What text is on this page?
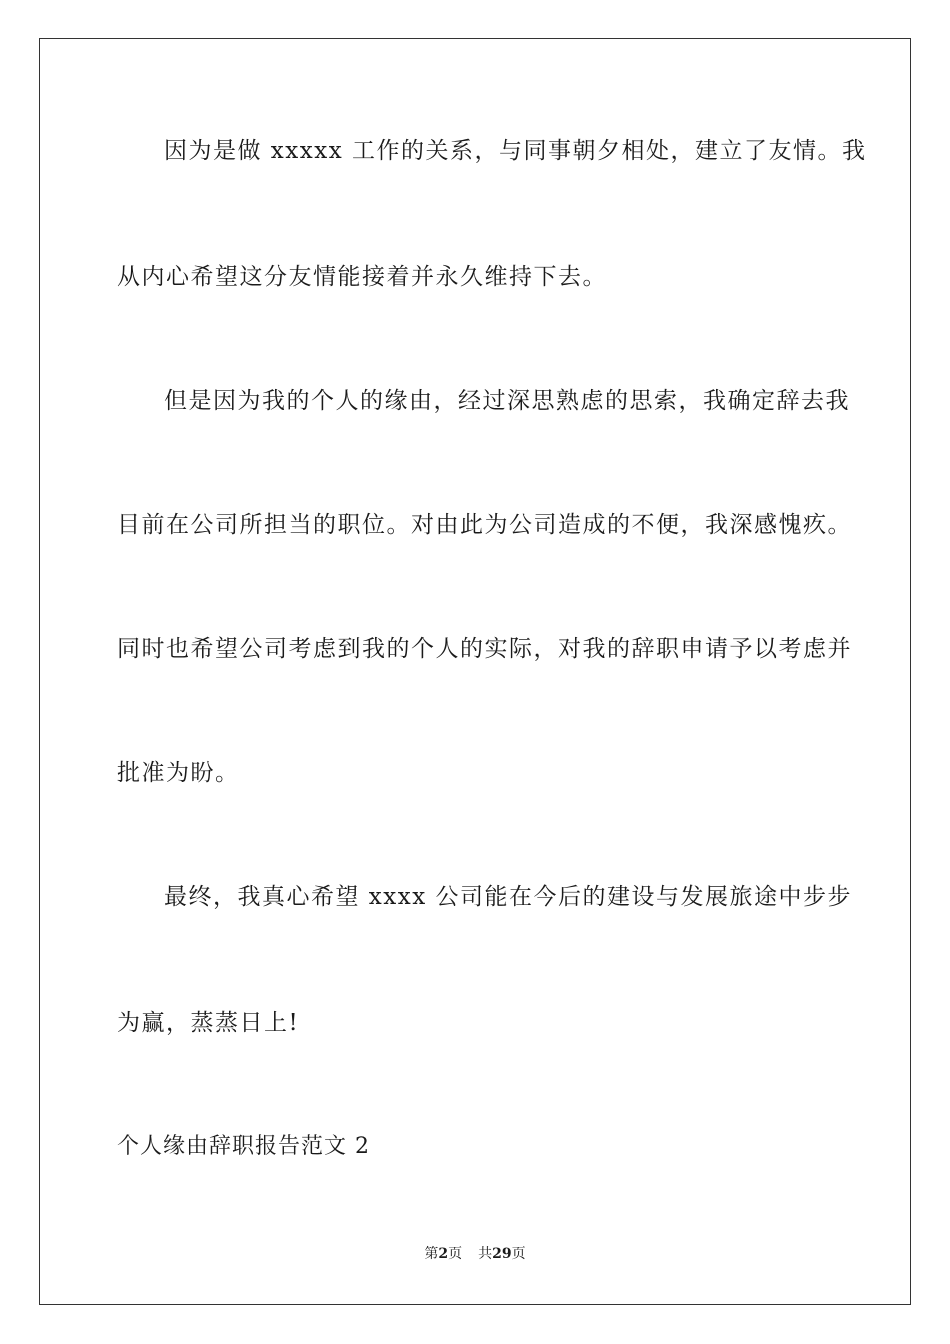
因为是做 xxxxx 工作的关系，与同事朝夕相处，建立了友情。我
从内心希望这分友情能接着并永久维持下去。
但是因为我的个人的缘由，经过深思熟虑的思索，我确定辞去我
目前在公司所担当的职位。对由此为公司造成的不便，我深感愧疚。
同时也希望公司考虑到我的个人的实际，对我的辞职申请予以考虑并
批准为盼。
最终，我真心希望 xxxx 公司能在今后的建设与发展旅途中步步
为赢，蒸蒸日上!
个人缘由辞职报告范文 2
第2页 共29页
